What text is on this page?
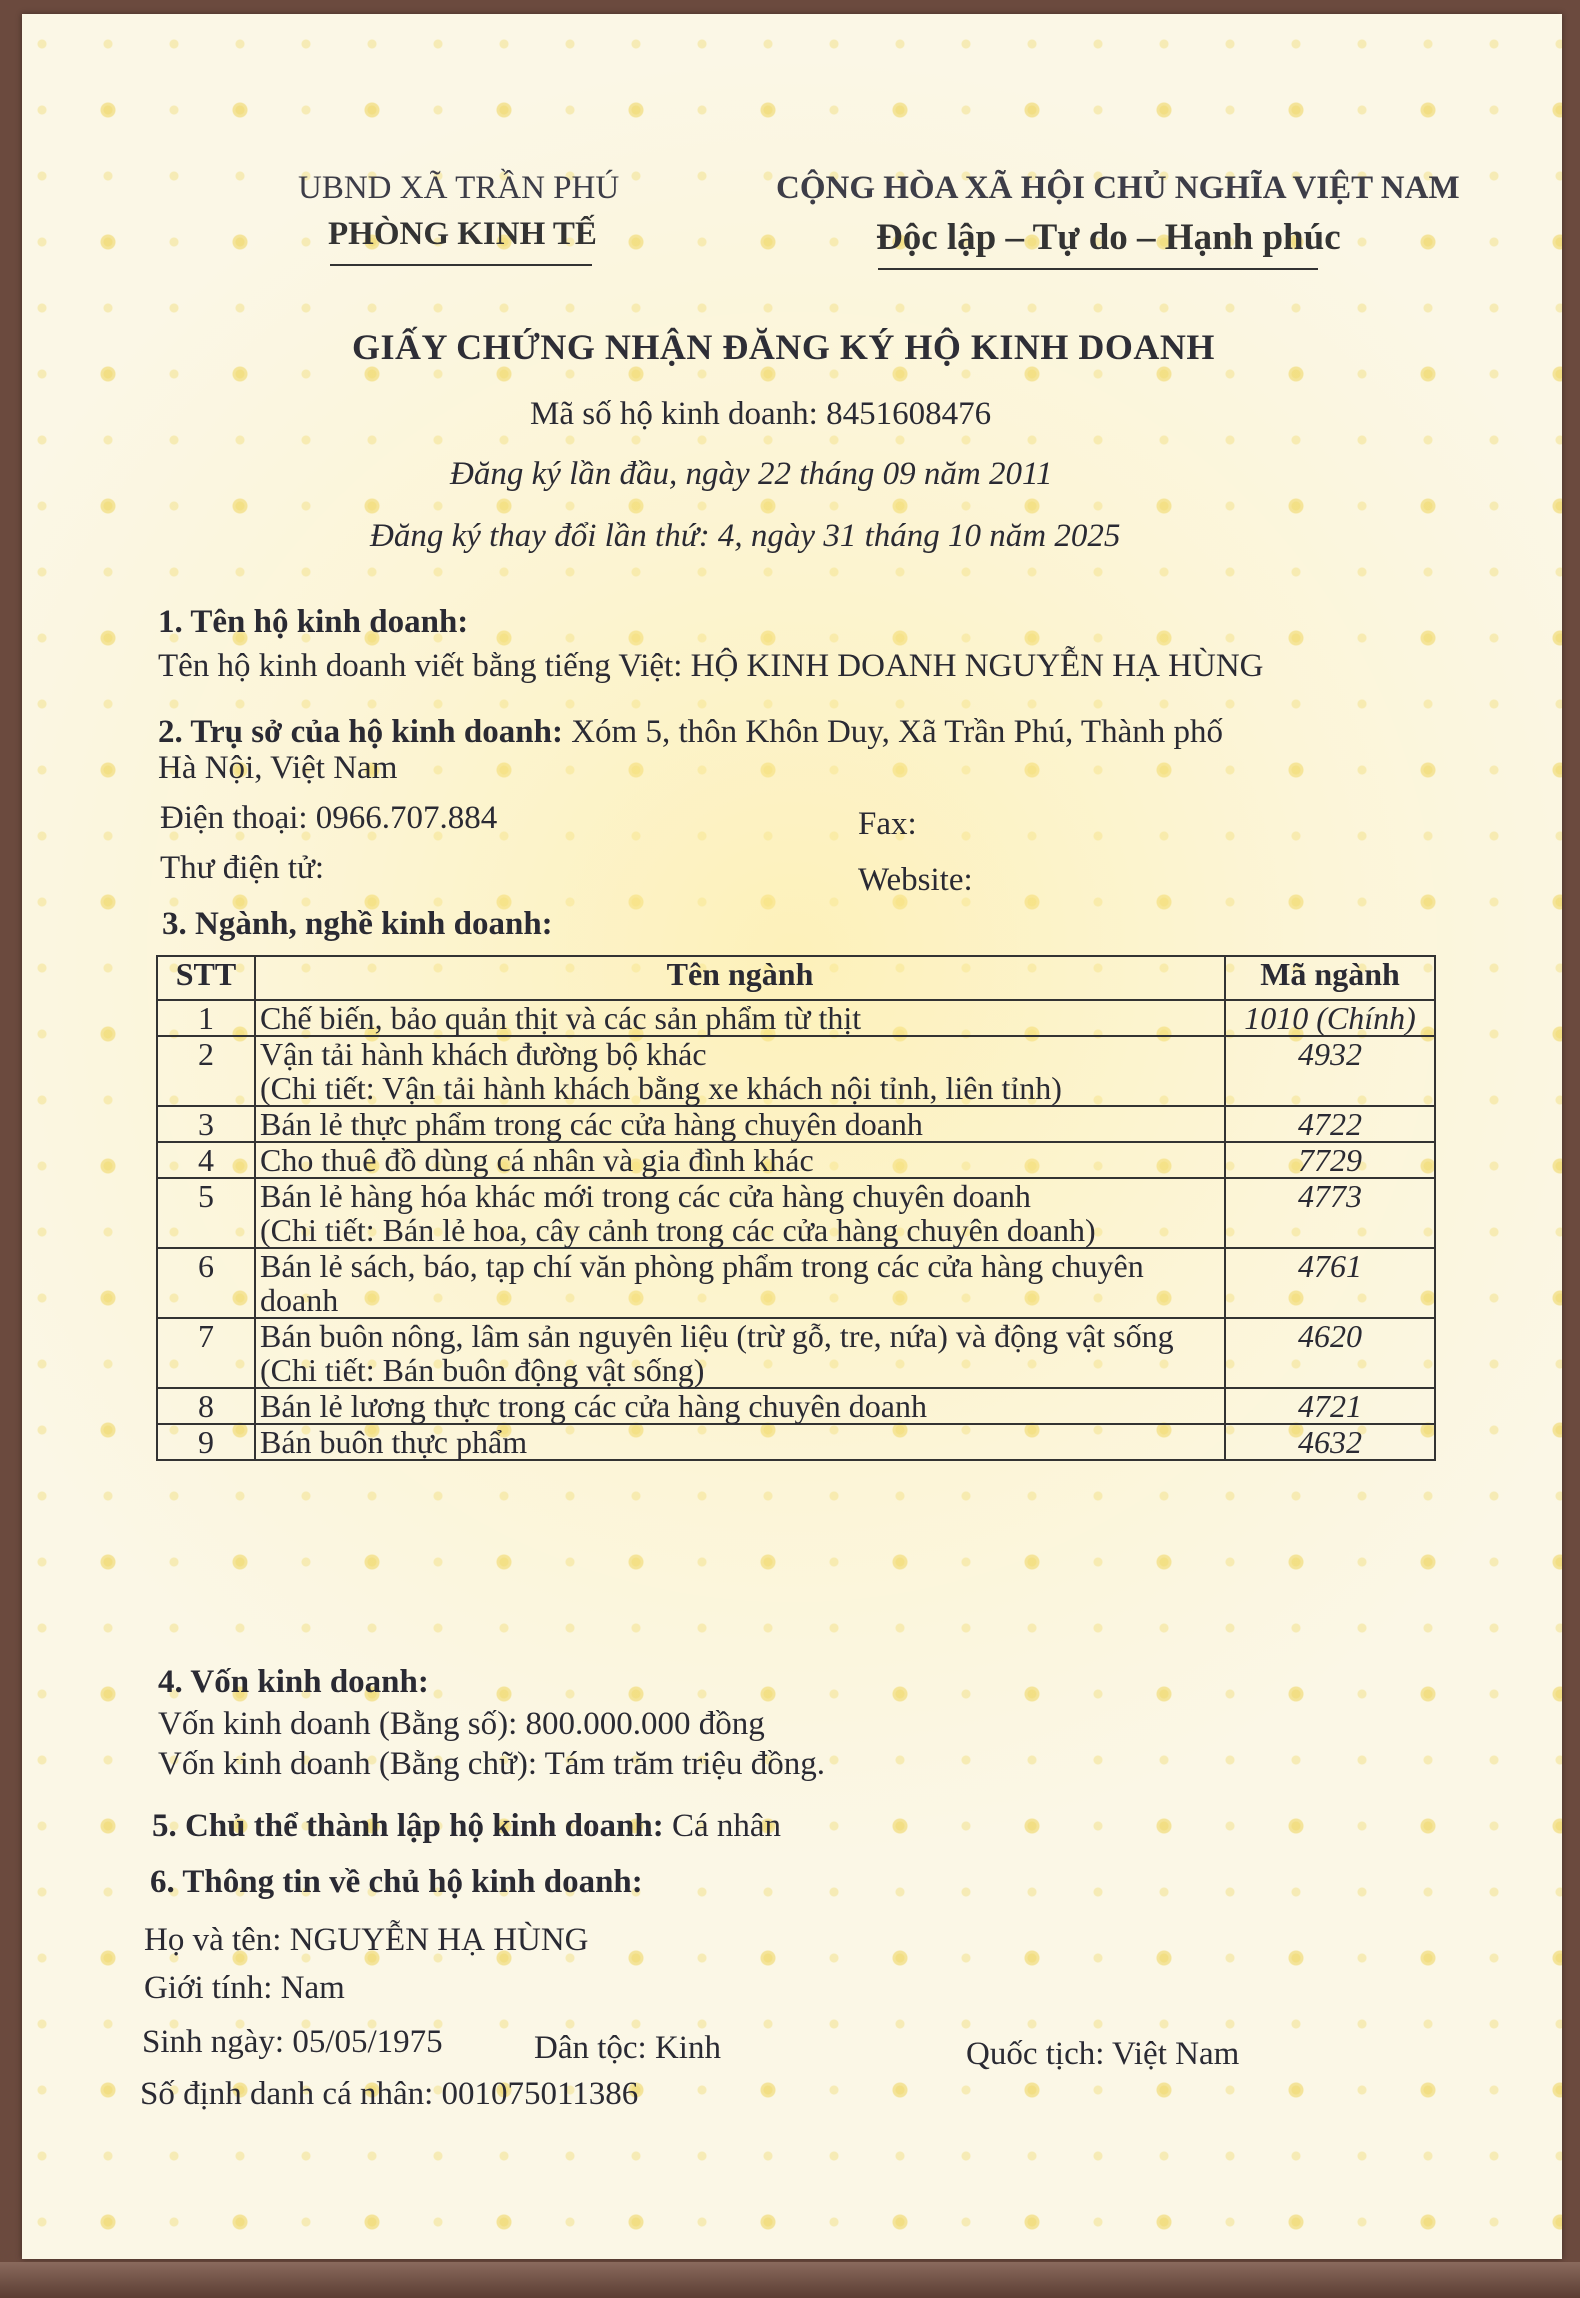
UBND XÃ TRẦN PHÚ
PHÒNG KINH TẾ
CỘNG HÒA XÃ HỘI CHỦ NGHĨA VIỆT NAM
Độc lập – Tự do – Hạnh phúc
GIẤY CHỨNG NHẬN ĐĂNG KÝ HỘ KINH DOANH
Mã số hộ kinh doanh: 8451608476
Đăng ký lần đầu, ngày 22 tháng 09 năm 2011
Đăng ký thay đổi lần thứ: 4, ngày 31 tháng 10 năm 2025
1. Tên hộ kinh doanh:
Tên hộ kinh doanh viết bằng tiếng Việt: HỘ KINH DOANH NGUYỄN HẠ HÙNG
2. Trụ sở của hộ kinh doanh: Xóm 5, thôn Khôn Duy, Xã Trần Phú, Thành phố
Hà Nội, Việt Nam
Điện thoại: 0966.707.884	Fax:
Thư điện tử:	Website:
3. Ngành, nghề kinh doanh:
STT	Tên ngành	Mã ngành
1	Chế biến, bảo quản thịt và các sản phẩm từ thịt	1010 (Chính)
2	Vận tải hành khách đường bộ khác
(Chi tiết: Vận tải hành khách bằng xe khách nội tỉnh, liên tỉnh)	4932
3	Bán lẻ thực phẩm trong các cửa hàng chuyên doanh	4722
4	Cho thuê đồ dùng cá nhân và gia đình khác	7729
5	Bán lẻ hàng hóa khác mới trong các cửa hàng chuyên doanh
(Chi tiết: Bán lẻ hoa, cây cảnh trong các cửa hàng chuyên doanh)	4773
6	Bán lẻ sách, báo, tạp chí văn phòng phẩm trong các cửa hàng chuyên doanh	4761
7	Bán buôn nông, lâm sản nguyên liệu (trừ gỗ, tre, nứa) và động vật sống
(Chi tiết: Bán buôn động vật sống)	4620
8	Bán lẻ lương thực trong các cửa hàng chuyên doanh	4721
9	Bán buôn thực phẩm	4632
4. Vốn kinh doanh:
Vốn kinh doanh (Bằng số): 800.000.000 đồng
Vốn kinh doanh (Bằng chữ): Tám trăm triệu đồng.
5. Chủ thể thành lập hộ kinh doanh: Cá nhân
6. Thông tin về chủ hộ kinh doanh:
Họ và tên: NGUYỄN HẠ HÙNG
Giới tính: Nam
Sinh ngày: 05/05/1975	Dân tộc: Kinh	Quốc tịch: Việt Nam
Số định danh cá nhân: 001075011386
